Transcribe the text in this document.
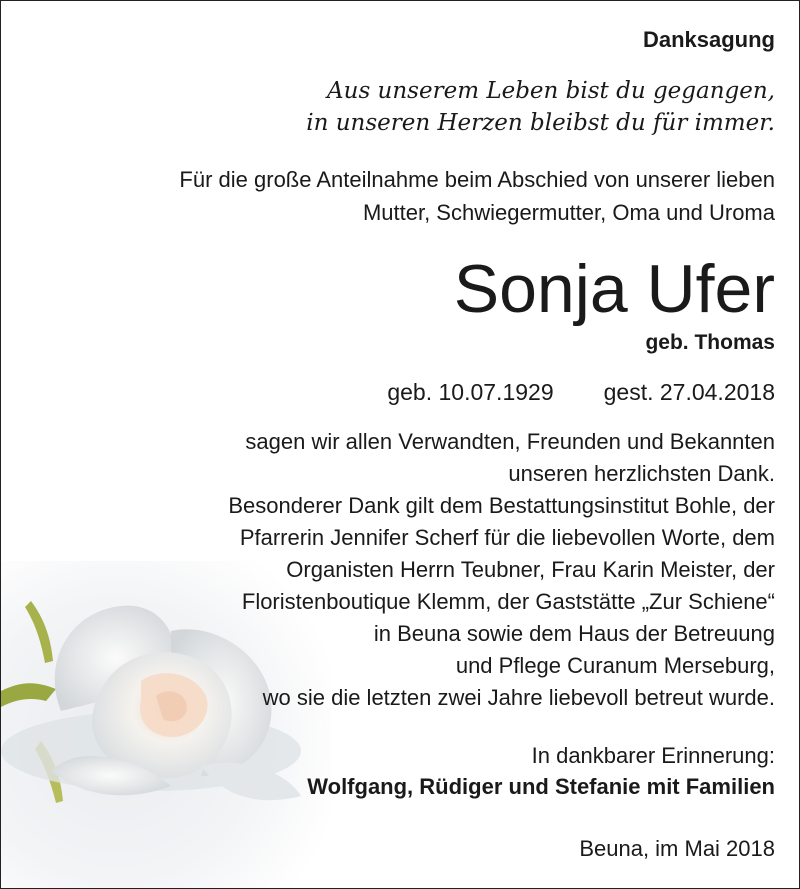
Danksagung
Aus unserem Leben bist du gegangen,
in unseren Herzen bleibst du für immer.
Für die große Anteilnahme beim Abschied von unserer lieben
Mutter, Schwiegermutter, Oma und Uroma
Sonja Ufer
geb. Thomas
geb. 10.07.1929 gest. 27.04.2018
sagen wir allen Verwandten, Freunden und Bekannten
unseren herzlichsten Dank.
Besonderer Dank gilt dem Bestattungsinstitut Bohle, der
Pfarrerin Jennifer Scherf für die liebevollen Worte, dem
Organisten Herrn Teubner, Frau Karin Meister, der
Floristenboutique Klemm, der Gaststätte „Zur Schiene“
in Beuna sowie dem Haus der Betreuung
und Pflege Curanum Merseburg,
wo sie die letzten zwei Jahre liebevoll betreut wurde.
In dankbarer Erinnerung:
Wolfgang, Rüdiger und Stefanie mit Familien
Beuna, im Mai 2018
